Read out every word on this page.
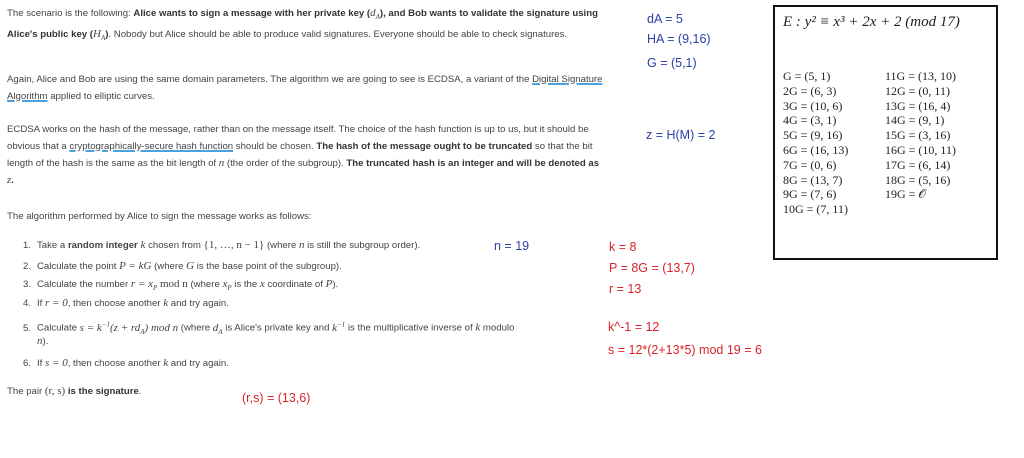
The scenario is the following: Alice wants to sign a message with her private key $(d_A)$, and Bob wants to validate the signature using Alice's public key $(H_A)$. Nobody but Alice should be able to produce valid signatures. Everyone should be able to check signatures.

Again, Alice and Bob are using the same domain parameters. The algorithm we are going to see is ECDSA, a variant of the Digital Signature Algorithm applied to elliptic curves.

ECDSA works on the hash of the message, rather than on the message itself. The choice of the hash function is up to us, but it should be obvious that a cryptographically-secure hash function should be chosen. The hash of the message ought to be truncated so that the bit length of the hash is the same as the bit length of n (the order of the subgroup). The truncated hash is an integer and will be denoted as z.

The algorithm performed by Alice to sign the message works as follows:

1. Take a random integer k chosen from {1, …, n − 1} (where n is still the subgroup order).
2. Calculate the point P = kG (where G is the base point of the subgroup).
3. Calculate the number $r = x_P$ mod n (where $x_P$ is the x coordinate of P).
4. If r = 0, then choose another k and try again.
5. Calculate $s = k^{-1}(z + rd_A)$ mod n (where $d_A$ is Alice's private key and $k^{-1}$ is the multiplicative inverse of k modulo
n).
6. If s = 0, then choose another k and try again.

The pair (r, s) is the signature.

dA = 5
HA = (9,16)
G = (5,1)
z = H(M) = 2
n = 19	k = 8
P = 8G = (13,7)
r = 13
k^-1 = 12
s = 12*(2+13*5) mod 19 = 6
(r,s) = (13,6)
E : y² ≡ x³ + 2x + 2 (mod 17)
G = (5, 1)
2G = (6, 3)
3G = (10, 6)
4G = (3, 1)
5G = (9, 16)
6G = (16, 13)
7G = (0, 6)
8G = (13, 7)
9G = (7, 6)
10G = (7, 11)
11G = (13, 10)
12G = (0, 11)
13G = (16, 4)
14G = (9, 1)
15G = (3, 16)
16G = (10, 11)
17G = (6, 14)
18G = (5, 16)
19G = 𝒪
